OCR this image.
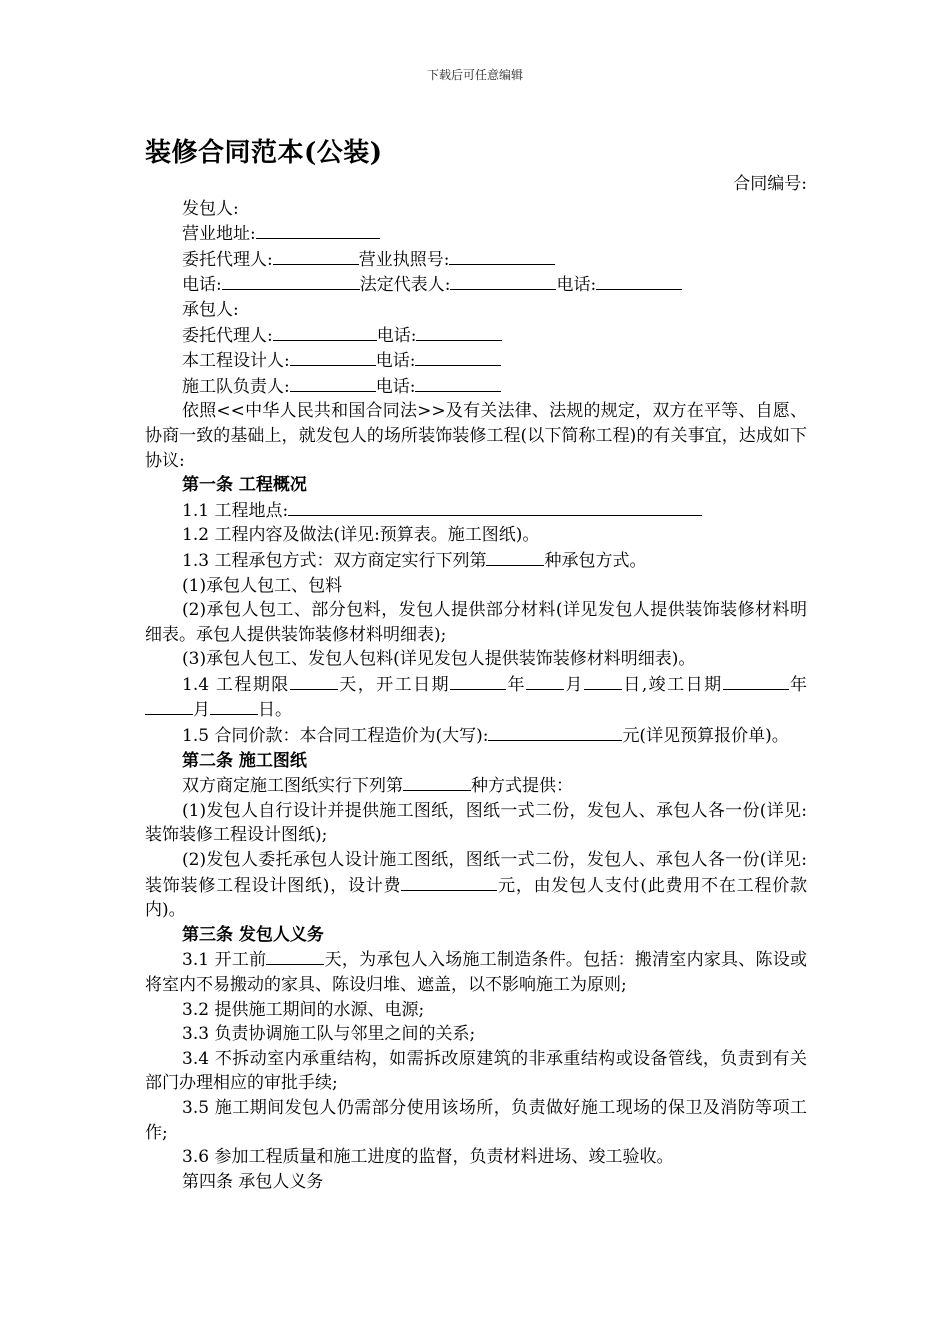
下载后可任意编辑
装修合同范本(公装)

合同编号:

发包人:

营业地址:

委托代理人:	营业执照号:

电话:	法定代表人:	电话:

承包人:

委托代理人:	电话:

本工程设计人:	电话:

施工队负责人:	电话:

依照<<中华人民共和国合同法>>及有关法律、法规的规定，双方在平等、自愿、协商一致的基础上，就发包人的场所装饰装修工程(以下简称工程)的有关事宜，达成如下协议:

第一条 工程概况

1.1 工程地点:

1.2 工程内容及做法(详见:预算表。施工图纸)。

1.3 工程承包方式：双方商定实行下列第	种承包方式。

(1)承包人包工、包料

(2)承包人包工、部分包料，发包人提供部分材料(详见发包人提供装饰装修材料明细表。承包人提供装饰装修材料明细表);

(3)承包人包工、发包人包料(详见发包人提供装饰装修材料明细表)。

1.4 工程期限	天，开工日期	年 月 日,竣工日期	年月	日。

1.5 合同价款：本合同工程造价为(大写):	元(详见预算报价单)。

第二条 施工图纸

双方商定施工图纸实行下列第	种方式提供：

(1)发包人自行设计并提供施工图纸，图纸一式二份，发包人、承包人各一份(详见:装饰装修工程设计图纸);

(2)发包人委托承包人设计施工图纸，图纸一式二份，发包人、承包人各一份(详见:装饰装修工程设计图纸)，设计费	元，由发包人支付(此费用不在工程价款内)。

第三条 发包人义务

3.1 开工前	天，为承包人入场施工制造条件。包括：搬清室内家具、陈设或将室内不易搬动的家具、陈设归堆、遮盖，以不影响施工为原则;

3.2 提供施工期间的水源、电源;

3.3 负责协调施工队与邻里之间的关系;

3.4 不拆动室内承重结构，如需拆改原建筑的非承重结构或设备管线，负责到有关部门办理相应的审批手续;

3.5 施工期间发包人仍需部分使用该场所，负责做好施工现场的保卫及消防等项工作;

3.6 参加工程质量和施工进度的监督，负责材料进场、竣工验收。

第四条 承包人义务
